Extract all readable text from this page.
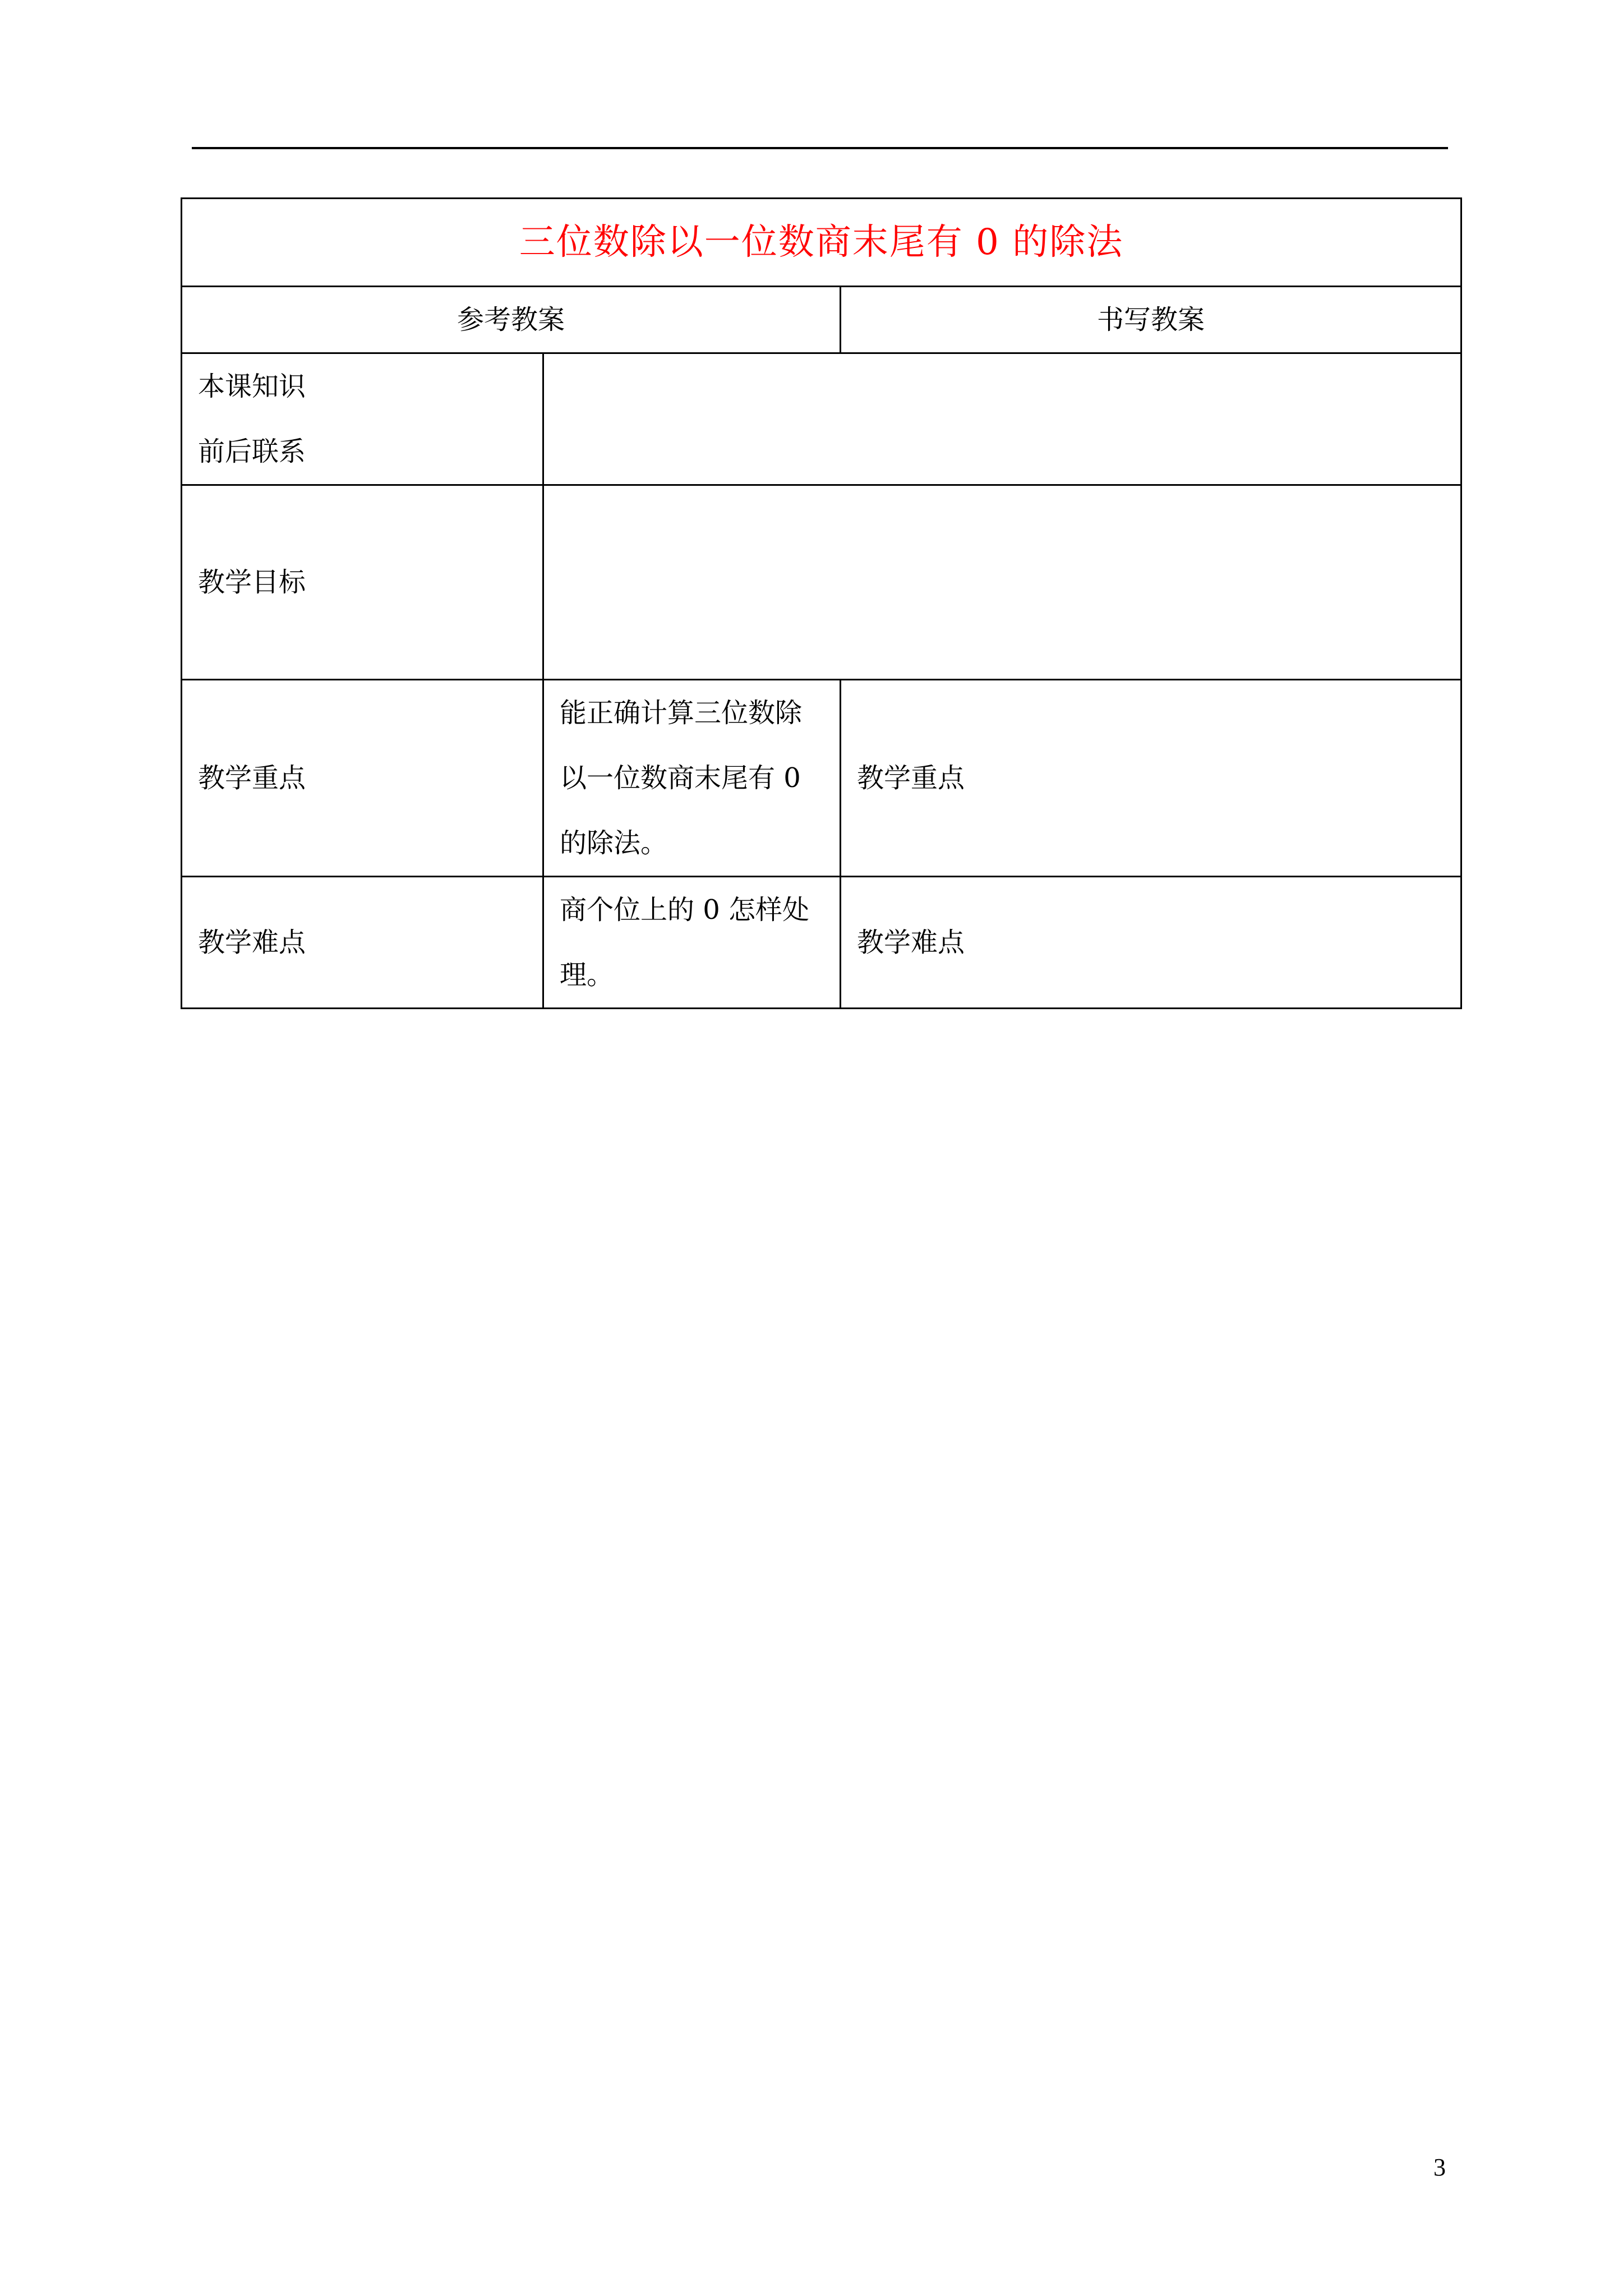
三位数除以一位数商末尾有 0 的除法		
参考教案		书写教案

本课知识
前后联系		

教学目标		
教学重点	能正确计算三位数除以一位数商末尾有 0 的除法。	教学重点
教学难点	商个位上的 0 怎样处理。	教学难点
3
